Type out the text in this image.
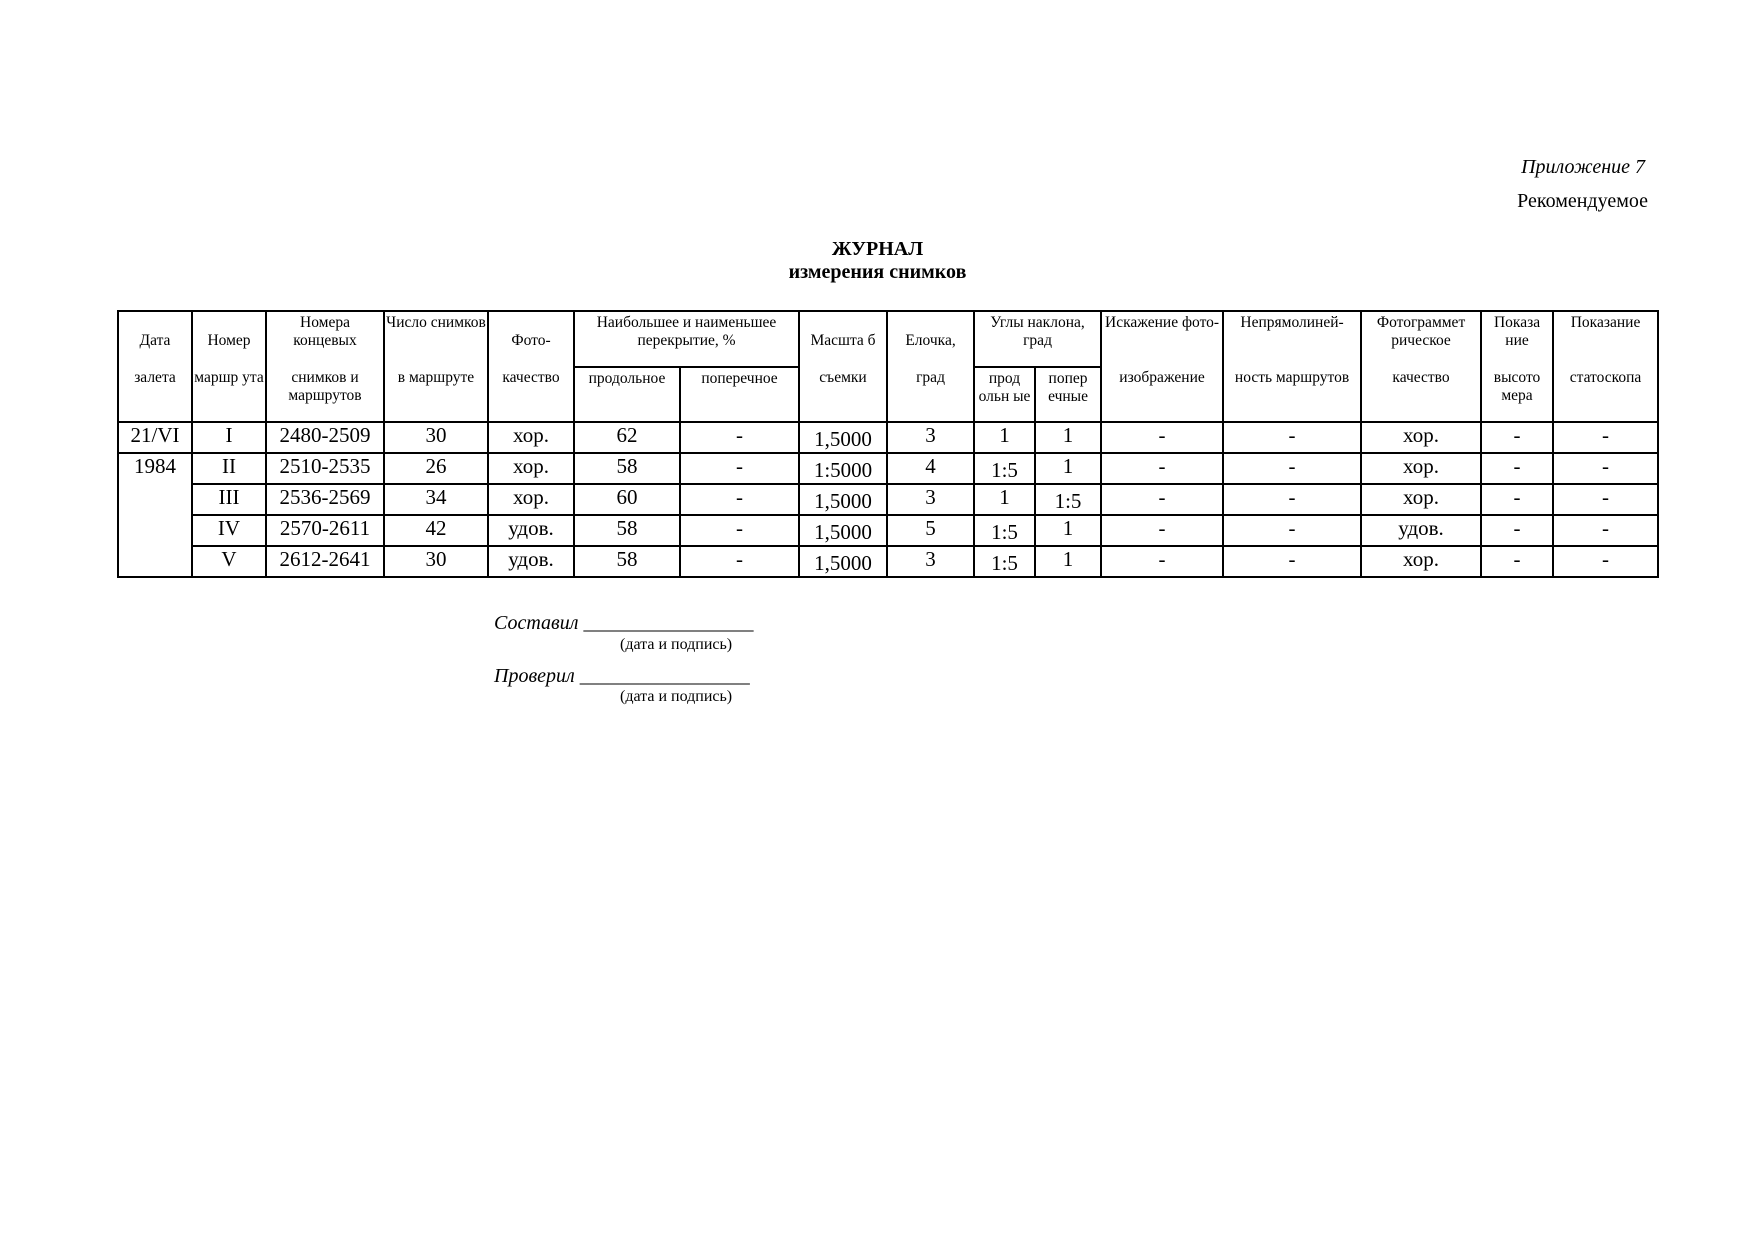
Приложение 7
Рекомендуемое
ЖУРНАЛ
измерения снимков
Дата	Номер	Номера концевых	Число снимков	Фото-	Наибольшее и наименьшее перекрытие, %		Масшта б	Елочка,	Углы наклона, град		Искажение фото-	Непрямолиней-	Фотограммет рическое	Показа ние	Показание

залета	маршр ута	снимков и маршрутов	в маршруте	качество	продольное	поперечное	съемки	град	прод ольн ые	попер ечные	изображение	ность маршрутов	качество	высото мера	статоскопа

21/VI	I	2480-2509	30	хор.	62	-	1,5000	3	1	1	-	-	хор.	-	-
1984	II	2510-2535	26	хор.	58	-	1:5000	4	1:5	1	-	-	хор.	-	-
	III	2536-2569	34	хор.	60	-	1,5000	3	1	1:5	-	-	хор.	-	-
	IV	2570-2611	42	удов.	58	-	1,5000	5	1:5	1	-	-	удов.	-	-
	V	2612-2641	30	удов.	58	-	1,5000	3	1:5	1	-	-	хор.	-	-
Составил _________________
(дата и подпись)
Проверил _________________
(дата и подпись)
